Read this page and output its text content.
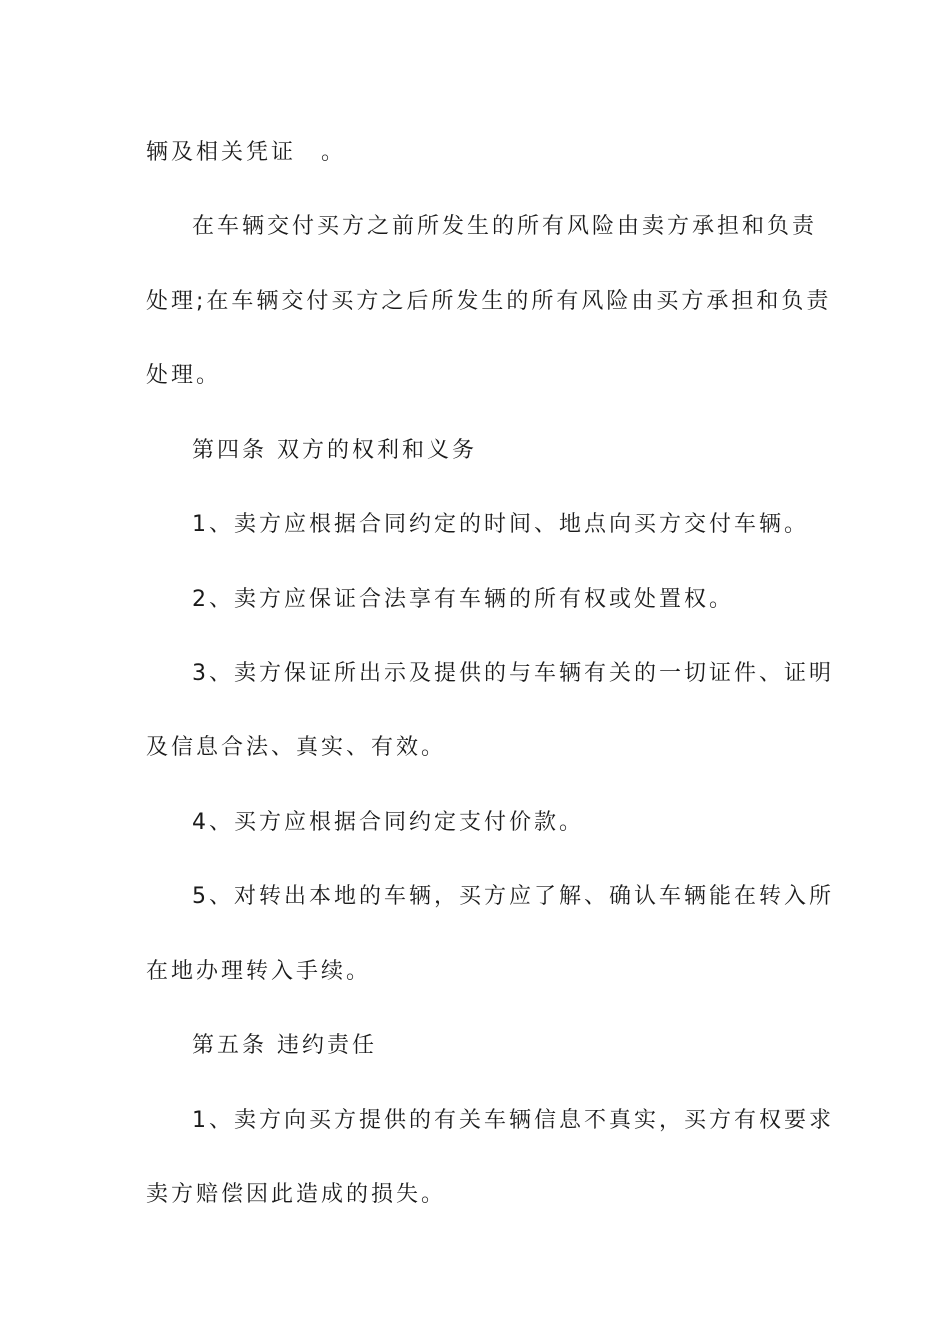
辆及相关凭证　。
在车辆交付买方之前所发生的所有风险由卖方承担和负责
处理;在车辆交付买方之后所发生的所有风险由买方承担和负责
处理。
第四条 双方的权利和义务
1、卖方应根据合同约定的时间、地点向买方交付车辆。
2、卖方应保证合法享有车辆的所有权或处置权。
3、卖方保证所出示及提供的与车辆有关的一切证件、证明
及信息合法、真实、有效。
4、买方应根据合同约定支付价款。
5、对转出本地的车辆，买方应了解、确认车辆能在转入所
在地办理转入手续。
第五条 违约责任
1、卖方向买方提供的有关车辆信息不真实，买方有权要求
卖方赔偿因此造成的损失。
